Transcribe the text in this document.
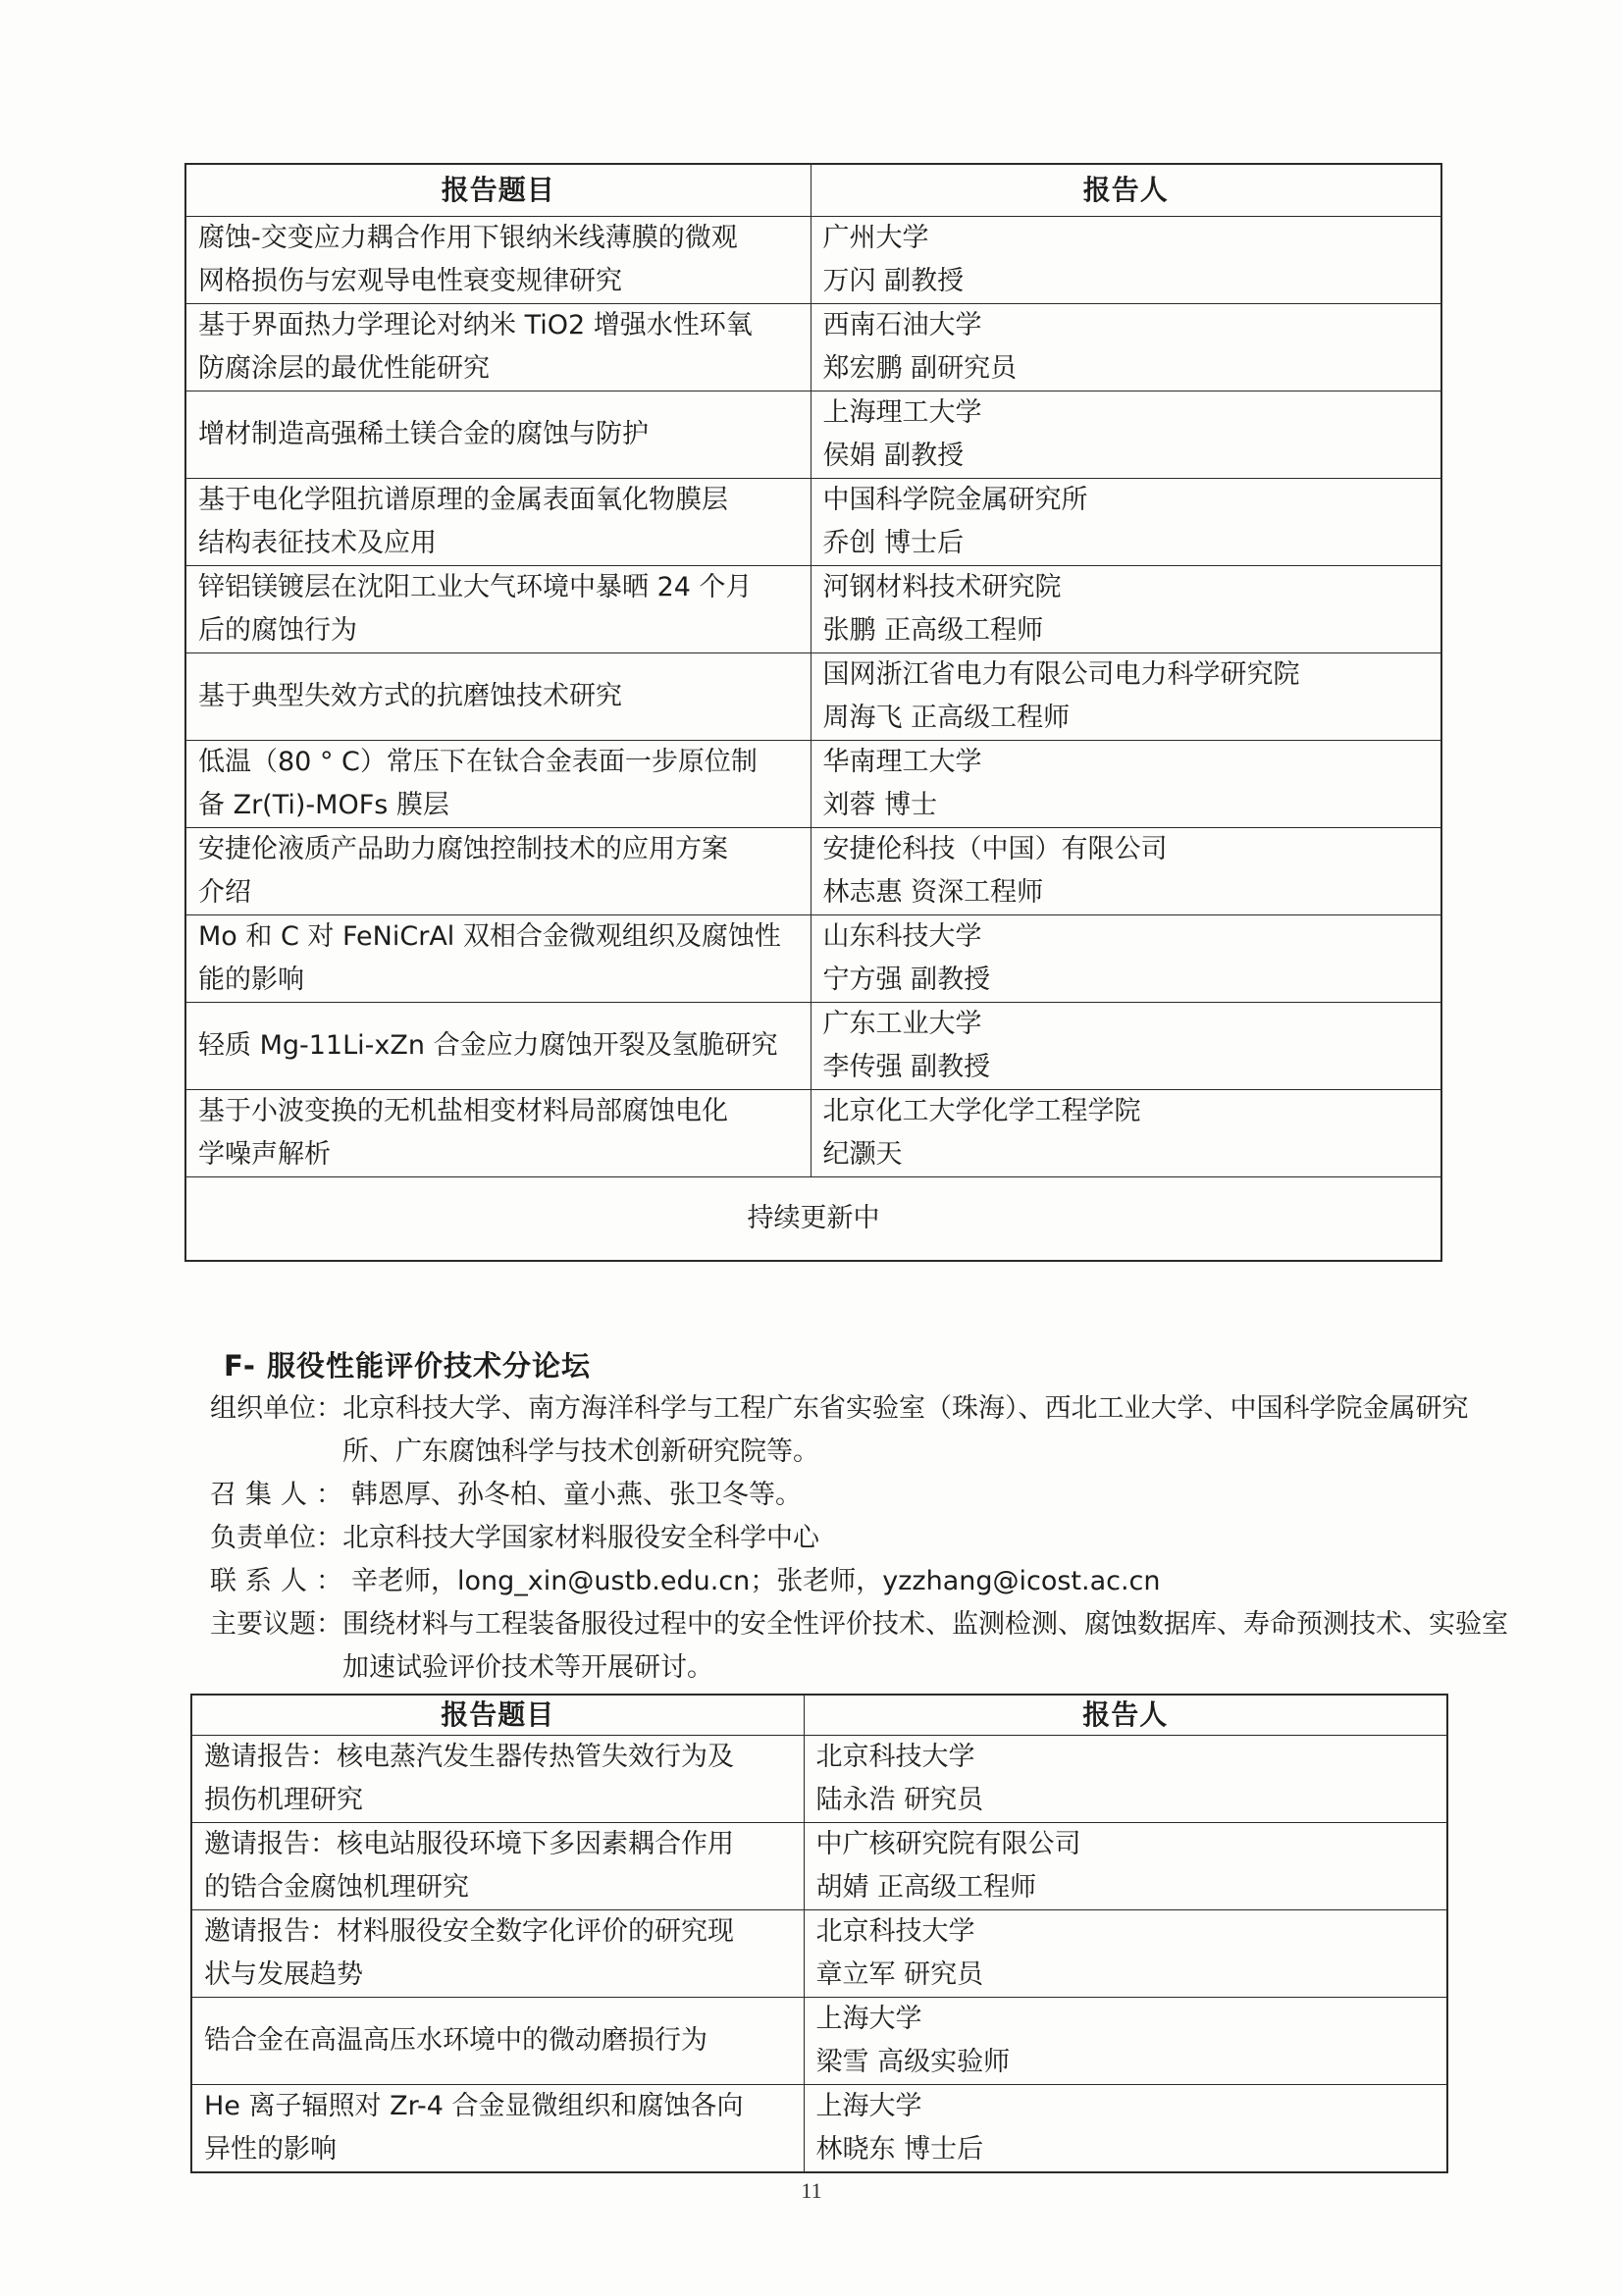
报告题目	报告人

腐蚀-交变应力耦合作用下银纳米线薄膜的微观
网格损伤与宏观导电性衰变规律研究	广州大学
万闪 副教授

基于界面热力学理论对纳米 TiO2 增强水性环氧
防腐涂层的最优性能研究	西南石油大学
郑宏鹏 副研究员

增材制造高强稀土镁合金的腐蚀与防护	上海理工大学
侯娟 副教授

基于电化学阻抗谱原理的金属表面氧化物膜层
结构表征技术及应用	中国科学院金属研究所
乔创 博士后

锌铝镁镀层在沈阳工业大气环境中暴晒 24 个月
后的腐蚀行为	河钢材料技术研究院
张鹏 正高级工程师

基于典型失效方式的抗磨蚀技术研究	国网浙江省电力有限公司电力科学研究院
周海飞 正高级工程师

低温（80 ° C）常压下在钛合金表面一步原位制
备 Zr(Ti)-MOFs 膜层	华南理工大学
刘蓉 博士

安捷伦液质产品助力腐蚀控制技术的应用方案
介绍	安捷伦科技（中国）有限公司
林志惠 资深工程师

Mo 和 C 对 FeNiCrAl 双相合金微观组织及腐蚀性
能的影响	山东科技大学
宁方强 副教授

轻质 Mg-11Li-xZn 合金应力腐蚀开裂及氢脆研究	广东工业大学
李传强 副教授

基于小波变换的无机盐相变材料局部腐蚀电化
学噪声解析	北京化工大学化学工程学院
纪灏天

持续更新中	
F- 服役性能评价技术分论坛
组织单位： 北京科技大学、南方海洋科学与工程广东省实验室（珠海）、西北工业大学、中国科学院金属研究所、广东腐蚀科学与技术创新研究院等。
召集人： 韩恩厚、孙冬柏、童小燕、张卫冬等。
负责单位： 北京科技大学国家材料服役安全科学中心
联系人： 辛老师，long_xin@ustb.edu.cn；张老师，yzzhang@icost.ac.cn
主要议题： 围绕材料与工程装备服役过程中的安全性评价技术、监测检测、腐蚀数据库、寿命预测技术、实验室加速试验评价技术等开展研讨。
报告题目	报告人

邀请报告：核电蒸汽发生器传热管失效行为及
损伤机理研究	北京科技大学
陆永浩 研究员

邀请报告：核电站服役环境下多因素耦合作用
的锆合金腐蚀机理研究	中广核研究院有限公司
胡婧 正高级工程师

邀请报告：材料服役安全数字化评价的研究现
状与发展趋势	北京科技大学
章立军 研究员

锆合金在高温高压水环境中的微动磨损行为	上海大学
梁雪 高级实验师

He 离子辐照对 Zr-4 合金显微组织和腐蚀各向
异性的影响	上海大学
林晓东 博士后
11
